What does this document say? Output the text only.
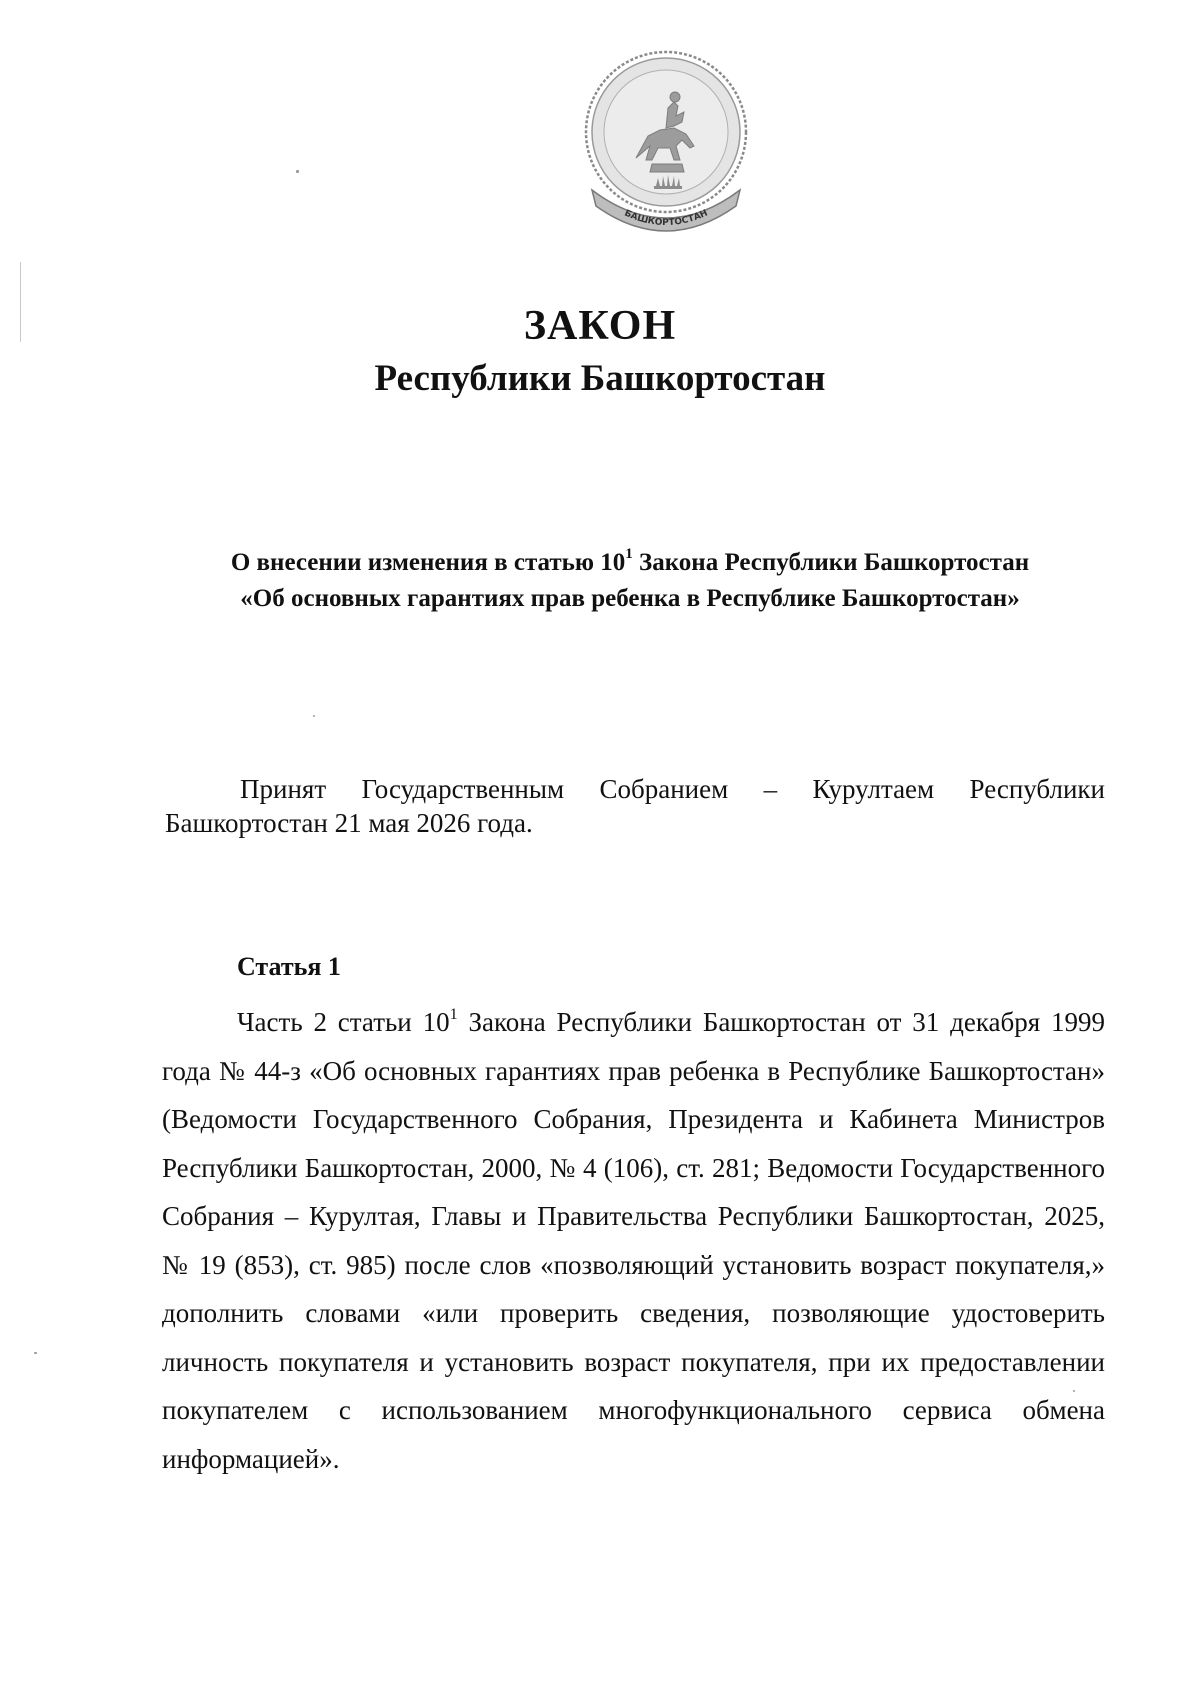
БАШКОРТОСТАН
ЗАКОН
Республики Башкортостан
О внесении изменения в статью $10^1$ Закона Республики Башкортостан
«Об основных гарантиях прав ребенка в Республике Башкортостан»
Принят Государственным Собранием – Курултаем Республики Башкортостан 21 мая 2026 года.
Статья 1
Часть 2 статьи $10^1$ Закона Республики Башкортостан от 31 декабря 1999 года № 44-з «Об основных гарантиях прав ребенка в Республике Башкортостан» (Ведомости Государственного Собрания, Президента и Кабинета Министров Республики Башкортостан, 2000, № 4 (106), ст. 281; Ведомости Государственного Собрания – Курултая, Главы и Правительства Республики Башкортостан, 2025, № 19 (853), ст. 985) после слов «позволяющий установить возраст покупателя,» дополнить словами «или проверить сведения, позволяющие удостоверить личность покупателя и установить возраст покупателя, при их предоставлении покупателем с использованием многофункционального сервиса обмена информацией».
